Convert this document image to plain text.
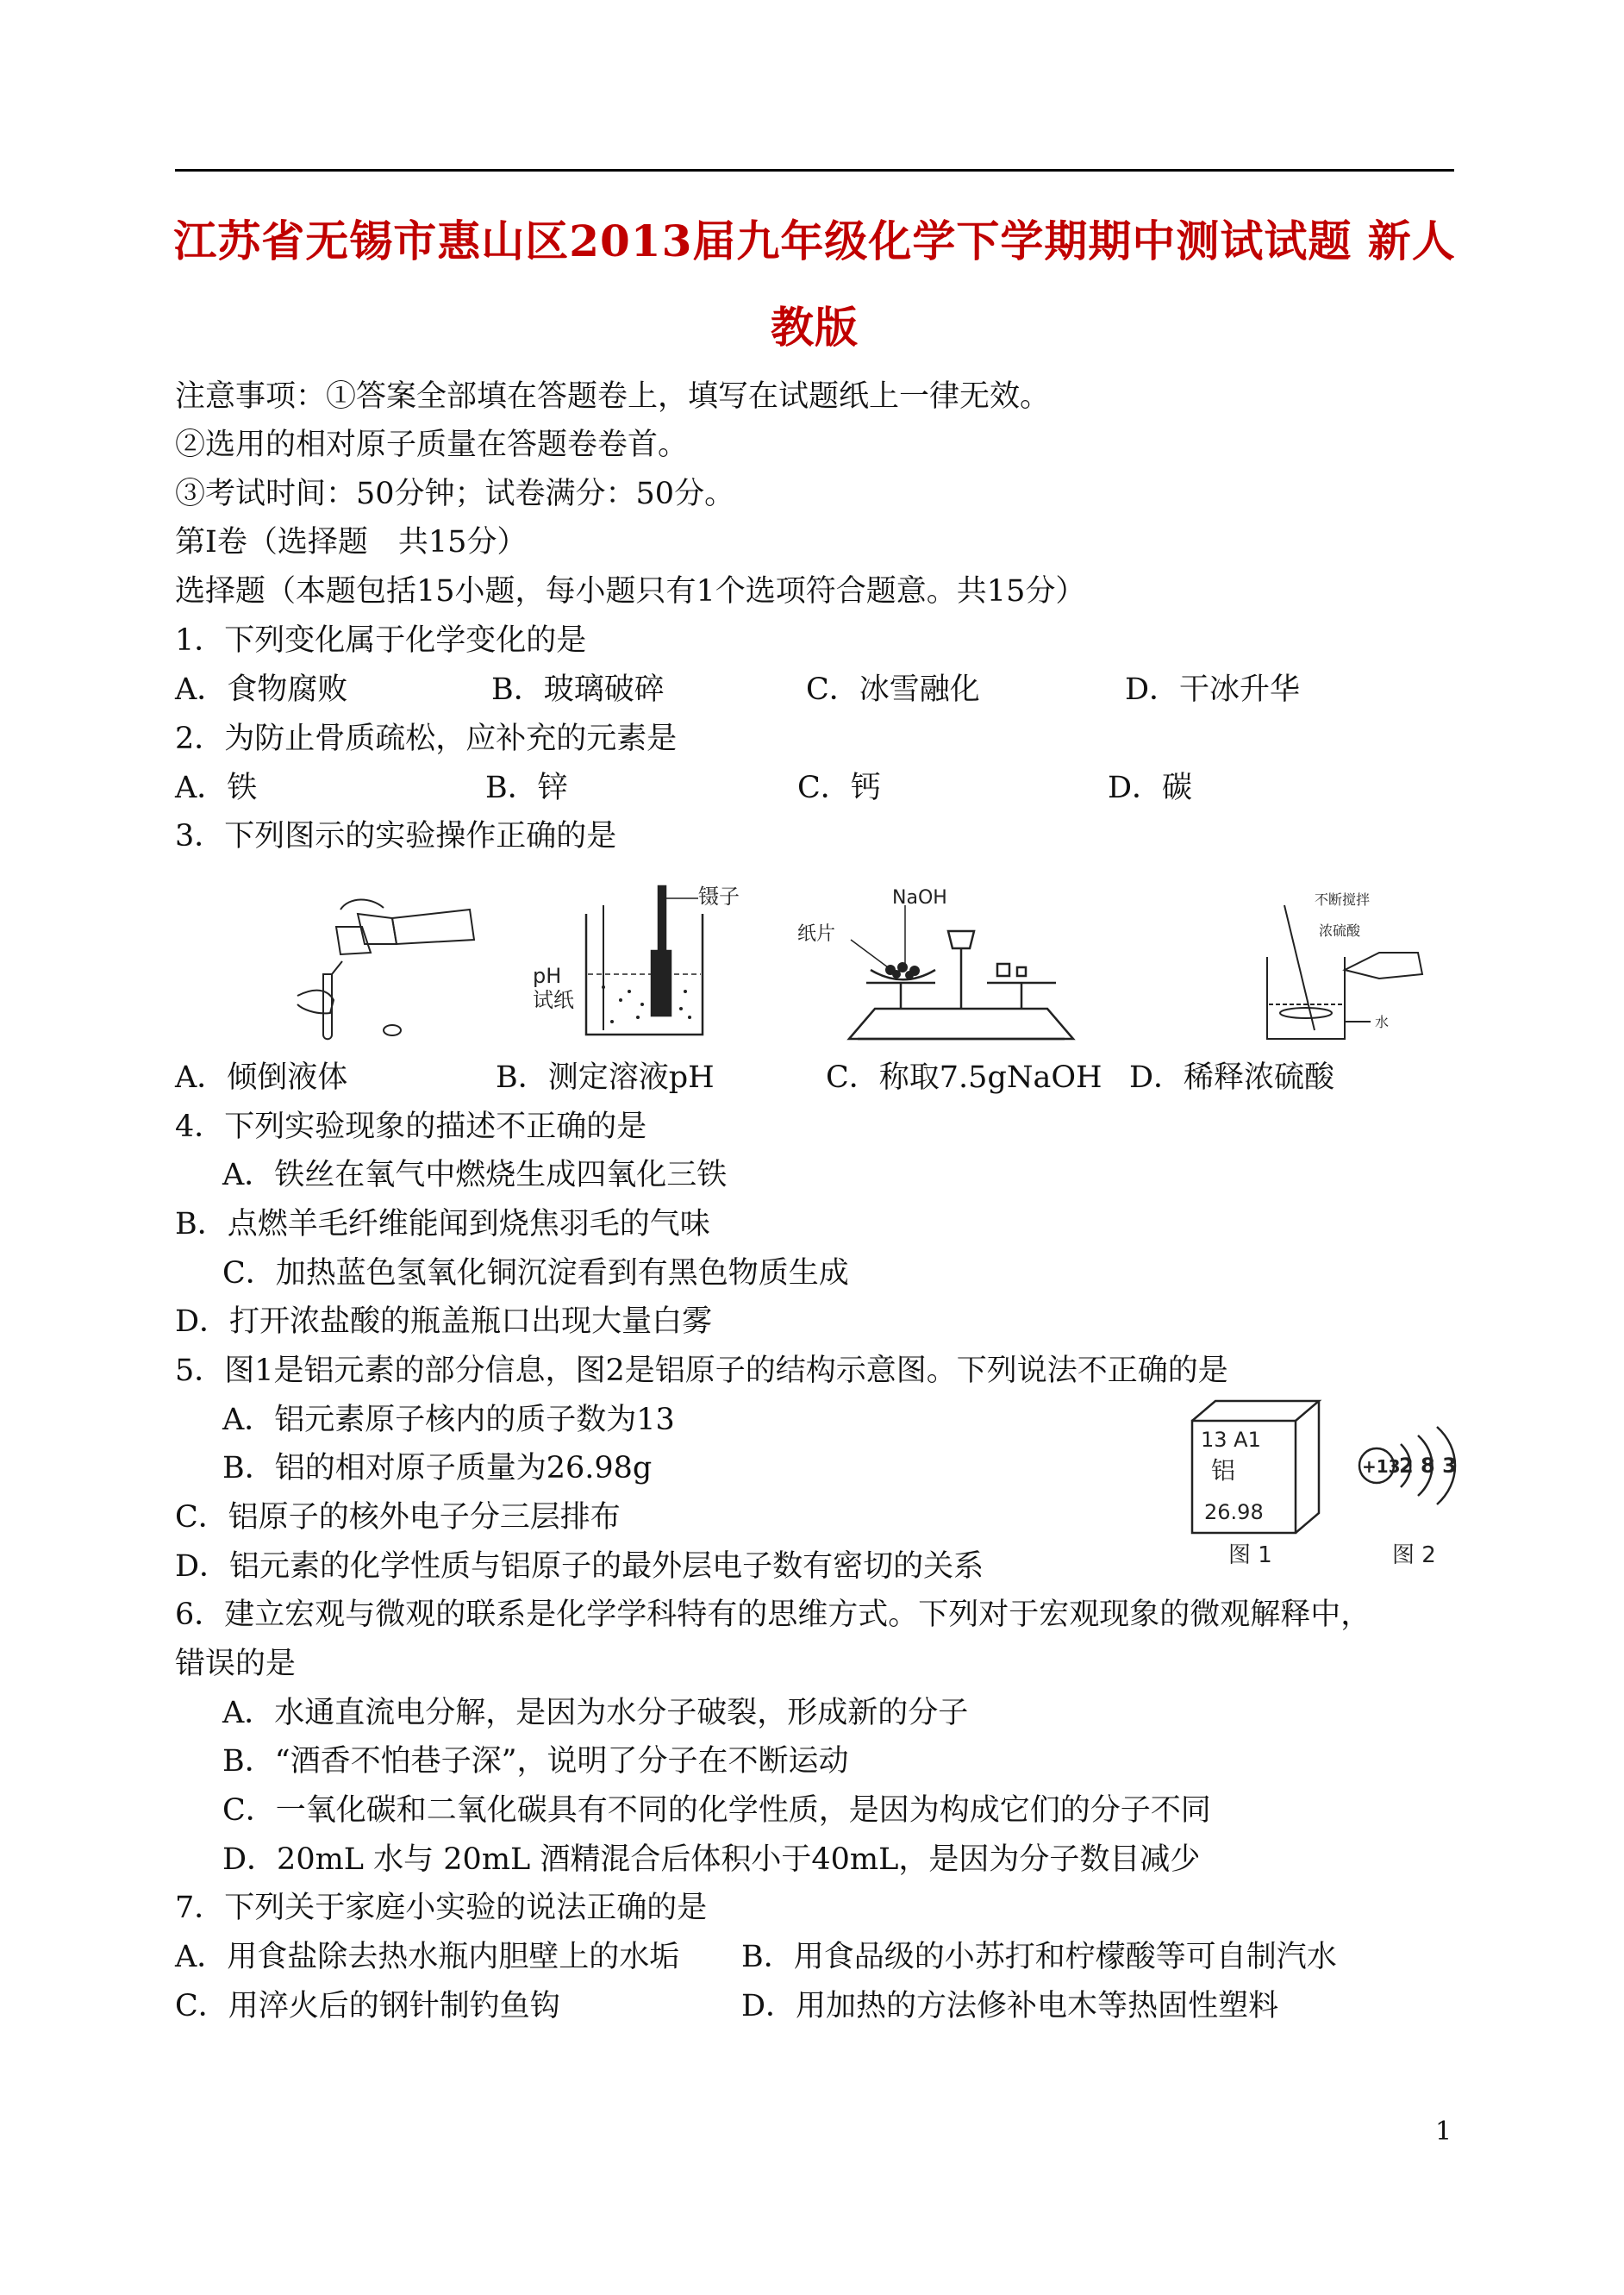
江苏省无锡市惠山区2013届九年级化学下学期期中测试试题 新人
教版
注意事项：①答案全部填在答题卷上，填写在试题纸上一律无效。
②选用的相对原子质量在答题卷卷首。
③考试时间：50分钟；试卷满分：50分。
第Ⅰ卷（选择题　共15分）
选择题（本题包括15小题，每小题只有1个选项符合题意。共15分）
1．下列变化属于化学变化的是
A．食物腐败	B．玻璃破碎	C．冰雪融化	D．干冰升华
2．为防止骨质疏松，应补充的元素是
A．铁	B．锌	C．钙	D．碳
3．下列图示的实验操作正确的是
镊子
pH
试纸
NaOH
纸片
不断搅拌
浓硫酸
水
A．倾倒液体	B．测定溶液pH	C．称取7.5gNaOH D．稀释浓硫酸
4．下列实验现象的描述不正确的是
A．铁丝在氧气中燃烧生成四氧化三铁
B．点燃羊毛纤维能闻到烧焦羽毛的气味
C．加热蓝色氢氧化铜沉淀看到有黑色物质生成
D．打开浓盐酸的瓶盖瓶口出现大量白雾
5．图1是铝元素的部分信息，图2是铝原子的结构示意图。下列说法不正确的是
A．铝元素原子核内的质子数为13
B．铝的相对原子质量为26.98g
C．铝原子的核外电子分三层排布
D．铝元素的化学性质与铝原子的最外层电子数有密切的关系
13 A1
铝
26.98
图 1
+13
2 8 3
图 2
6．建立宏观与微观的联系是化学学科特有的思维方式。下列对于宏观现象的微观解释中，
错误的是
A．水通直流电分解，是因为水分子破裂，形成新的分子
B．“酒香不怕巷子深”，说明了分子在不断运动
C．一氧化碳和二氧化碳具有不同的化学性质，是因为构成它们的分子不同
D．20mL 水与 20mL 酒精混合后体积小于40mL，是因为分子数目减少
7．下列关于家庭小实验的说法正确的是
A．用食盐除去热水瓶内胆壁上的水垢 B．用食品级的小苏打和柠檬酸等可自制汽水
C．用淬火后的钢针制钓鱼钩	D．用加热的方法修补电木等热固性塑料
1
